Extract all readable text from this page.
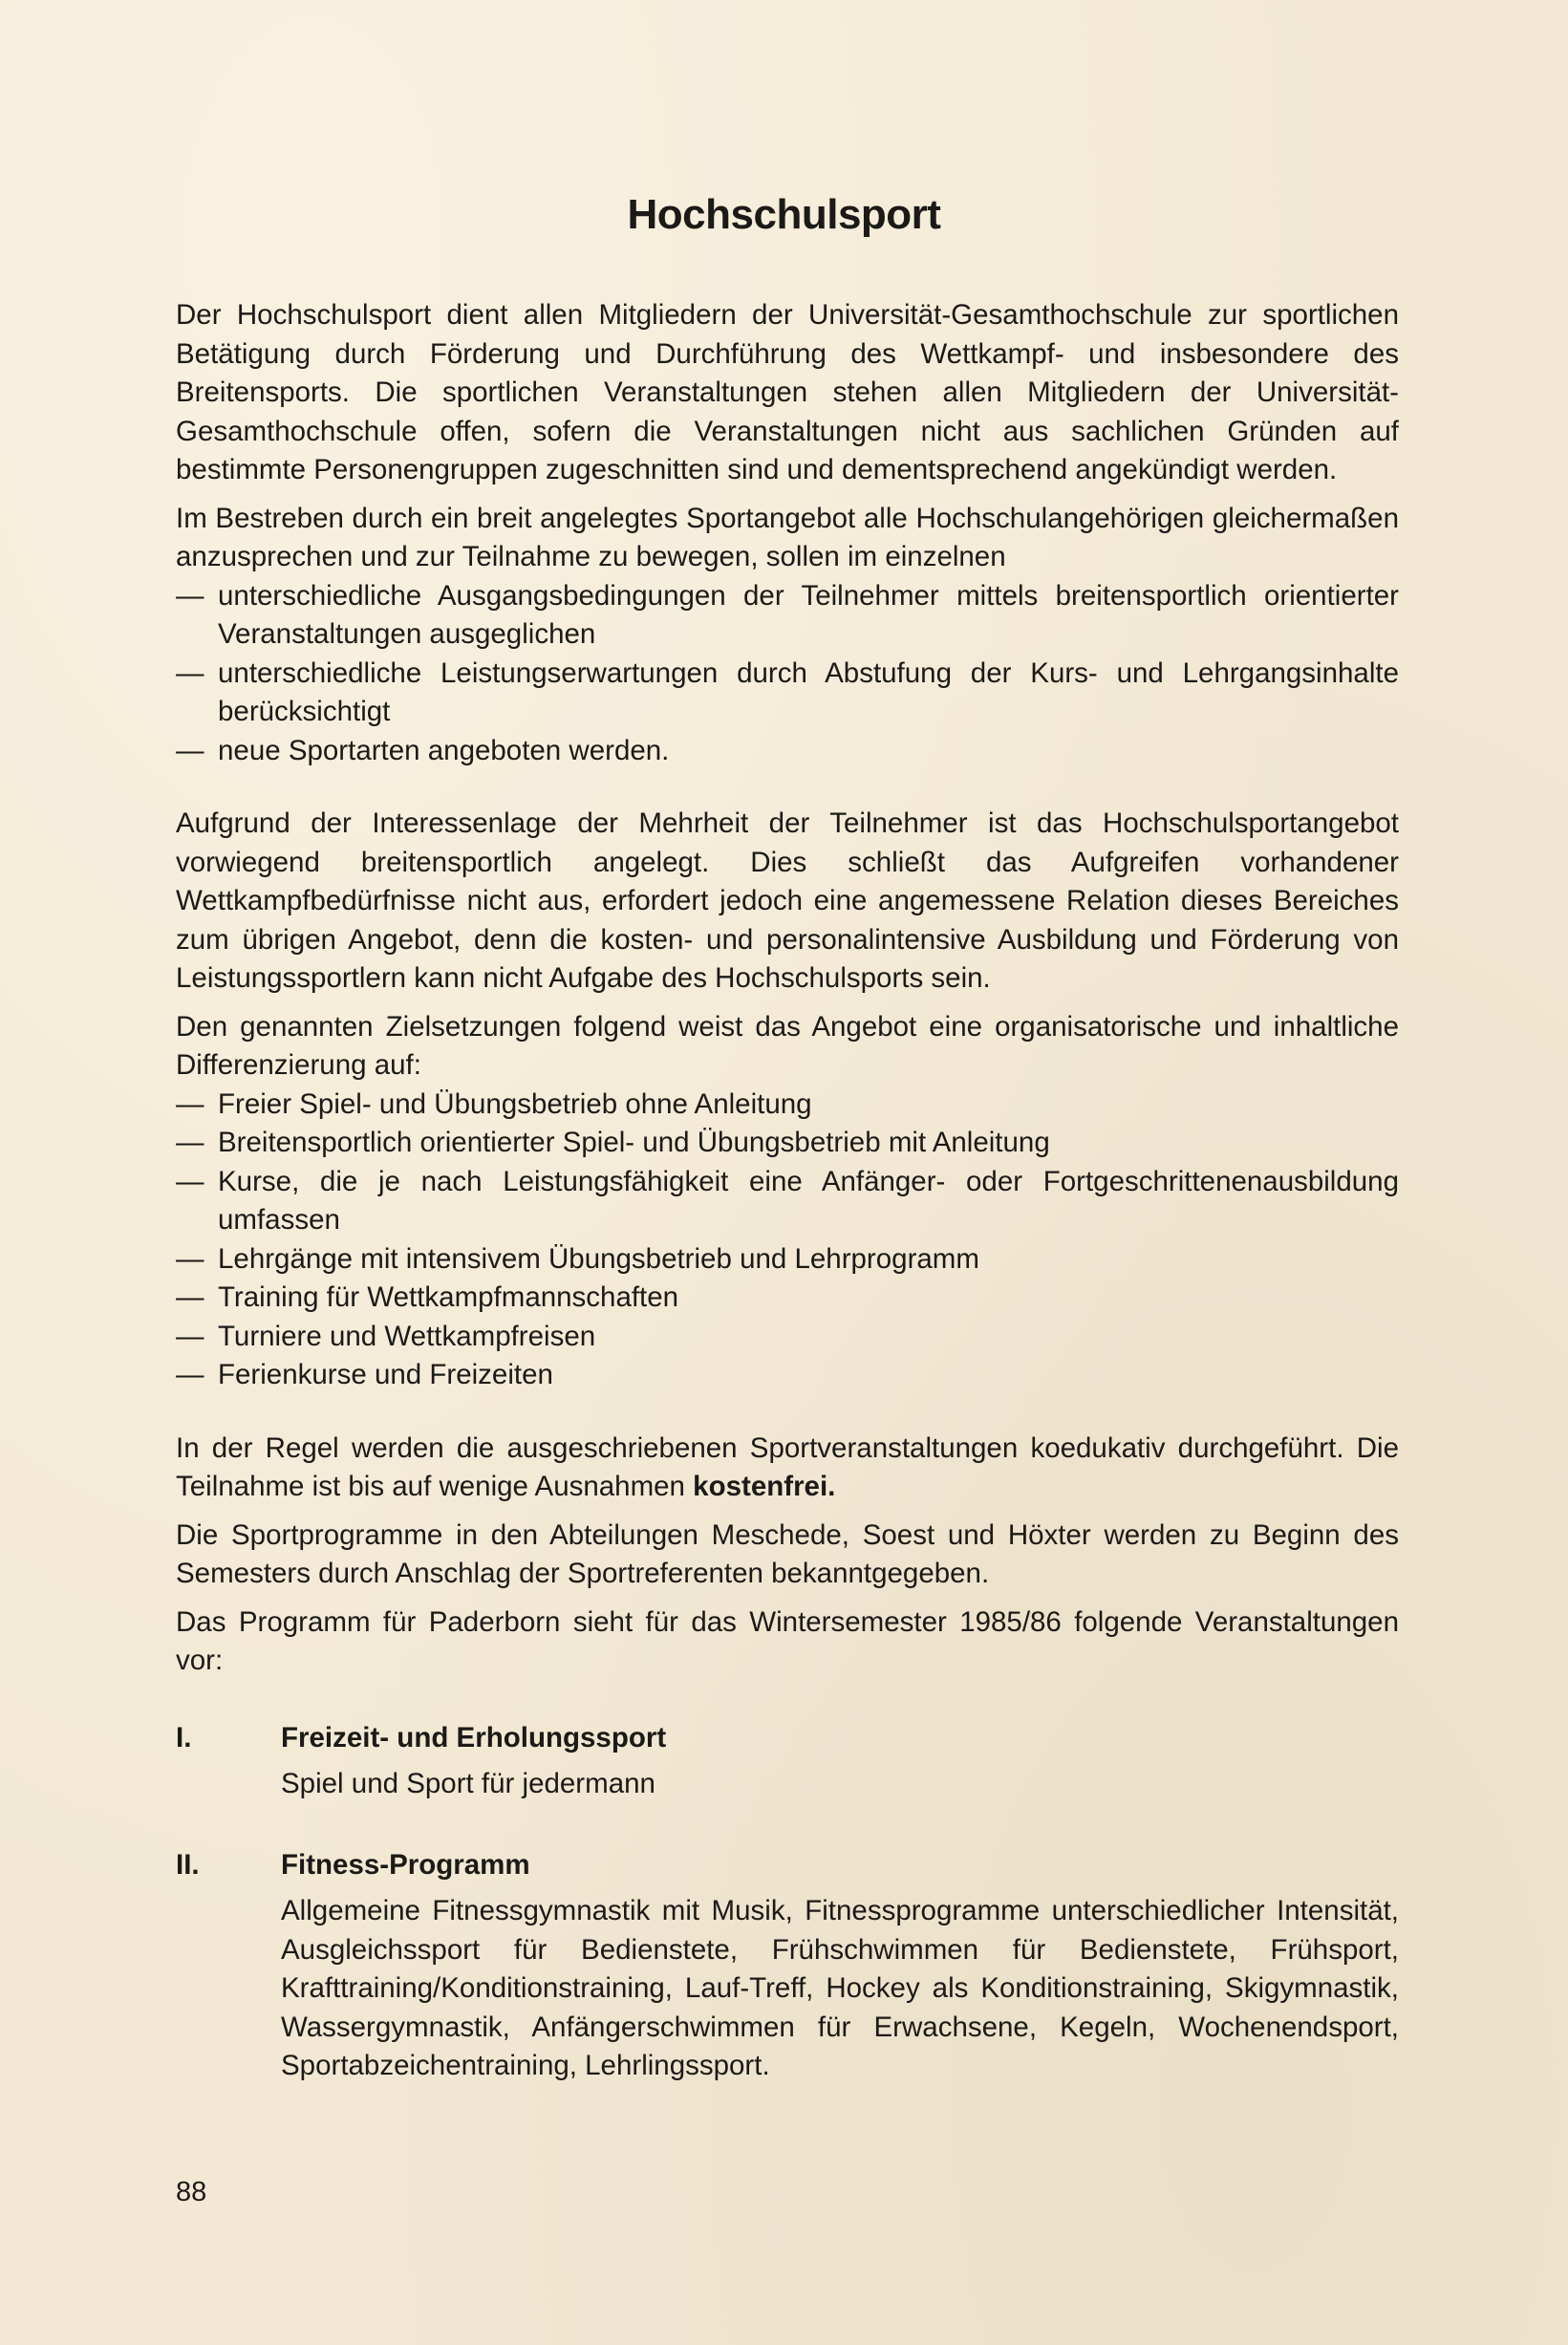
Hochschulsport

Der Hochschulsport dient allen Mitgliedern der Universität-Gesamthochschule zur sportlichen Betätigung durch Förderung und Durchführung des Wettkampf- und insbesondere des Breitensports. Die sportlichen Veranstaltungen stehen allen Mitgliedern der Universität-Gesamthochschule offen, sofern die Veranstaltungen nicht aus sachlichen Gründen auf bestimmte Personengruppen zugeschnitten sind und dementsprechend angekündigt werden.

Im Bestreben durch ein breit angelegtes Sportangebot alle Hochschulangehörigen gleichermaßen anzusprechen und zur Teilnahme zu bewegen, sollen im einzelnen

— unterschiedliche Ausgangsbedingungen der Teilnehmer mittels breitensportlich orientierter Veranstaltungen ausgeglichen
— unterschiedliche Leistungserwartungen durch Abstufung der Kurs- und Lehrgangsinhalte berücksichtigt
— neue Sportarten angeboten werden.

Aufgrund der Interessenlage der Mehrheit der Teilnehmer ist das Hochschulsportangebot vorwiegend breitensportlich angelegt. Dies schließt das Aufgreifen vorhandener Wettkampfbedürfnisse nicht aus, erfordert jedoch eine angemessene Relation dieses Bereiches zum übrigen Angebot, denn die kosten- und personalintensive Ausbildung und Förderung von Leistungssportlern kann nicht Aufgabe des Hochschulsports sein.

Den genannten Zielsetzungen folgend weist das Angebot eine organisatorische und inhaltliche Differenzierung auf:

— Freier Spiel- und Übungsbetrieb ohne Anleitung
— Breitensportlich orientierter Spiel- und Übungsbetrieb mit Anleitung
— Kurse, die je nach Leistungsfähigkeit eine Anfänger- oder Fortgeschrittenenausbildung umfassen
— Lehrgänge mit intensivem Übungsbetrieb und Lehrprogramm
— Training für Wettkampfmannschaften
— Turniere und Wettkampfreisen
— Ferienkurse und Freizeiten

In der Regel werden die ausgeschriebenen Sportveranstaltungen koedukativ durchgeführt. Die Teilnahme ist bis auf wenige Ausnahmen kostenfrei.

Die Sportprogramme in den Abteilungen Meschede, Soest und Höxter werden zu Beginn des Semesters durch Anschlag der Sportreferenten bekanntgegeben.

Das Programm für Paderborn sieht für das Wintersemester 1985/86 folgende Veranstaltungen vor:

I.	Freizeit- und Erholungssport
Spiel und Sport für jedermann
II.	Fitness-Programm
Allgemeine Fitnessgymnastik mit Musik, Fitnessprogramme unterschiedlicher Intensität, Ausgleichssport für Bedienstete, Frühschwimmen für Bedienstete, Frühsport, Krafttraining/Konditionstraining, Lauf-Treff, Hockey als Konditionstraining, Skigymnastik, Wassergymnastik, Anfängerschwimmen für Erwachsene, Kegeln, Wochenendsport, Sportabzeichentraining, Lehrlingssport.
88
